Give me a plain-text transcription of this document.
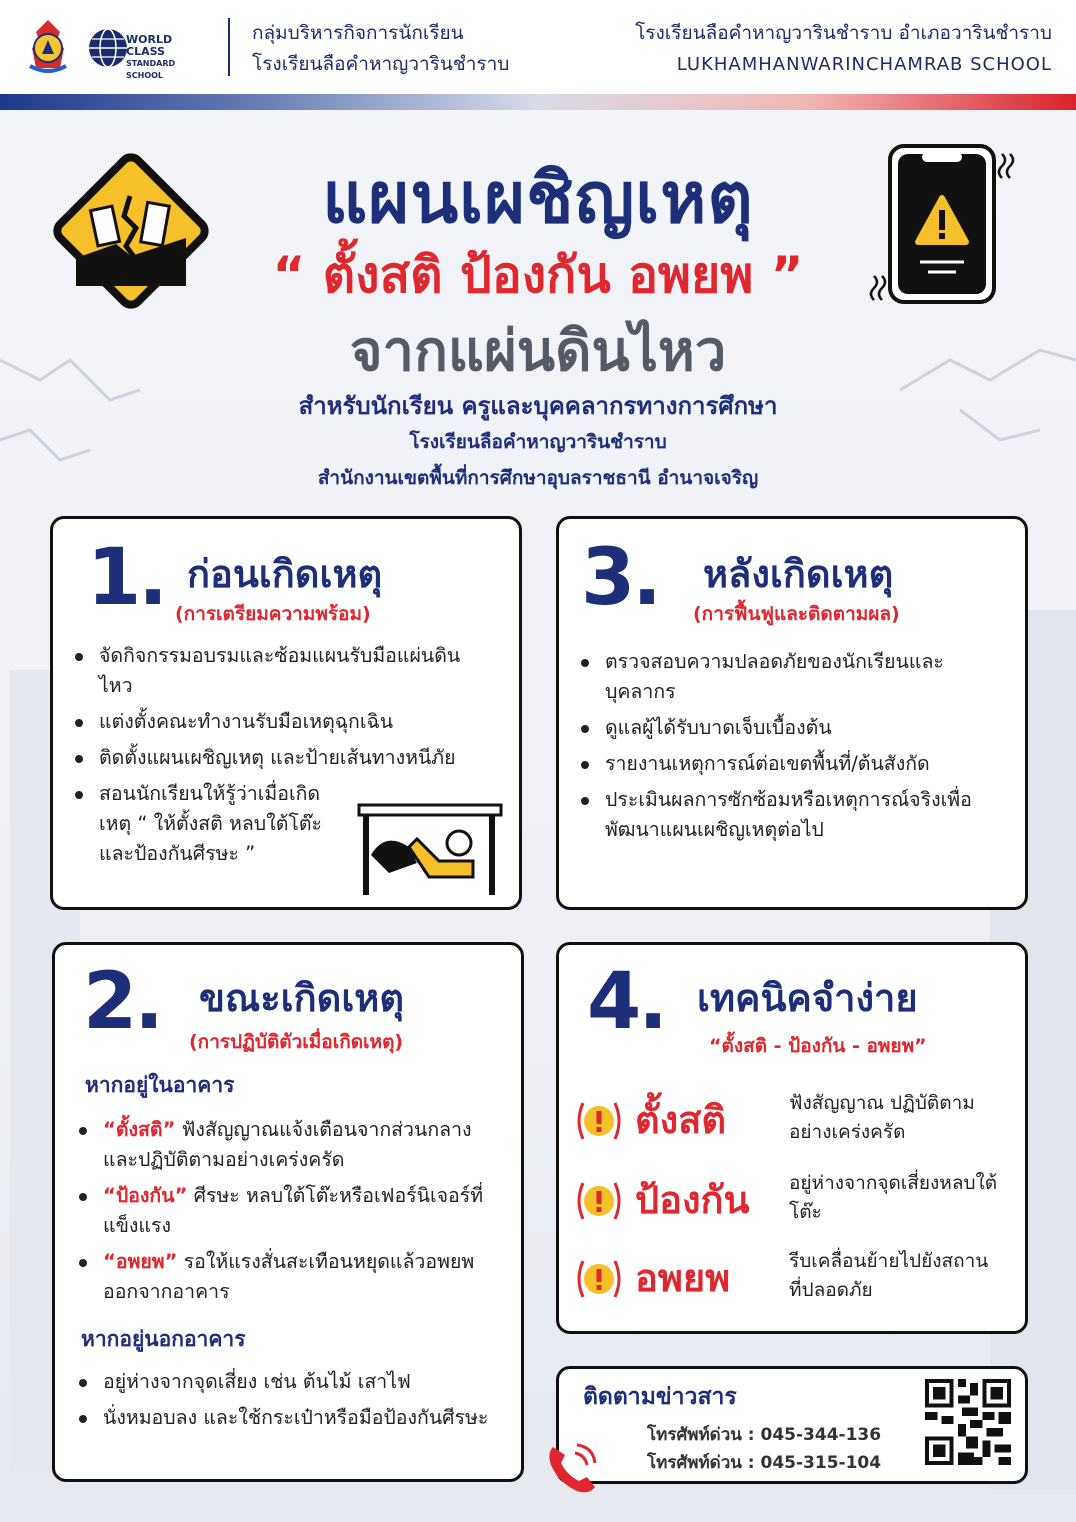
WORLD CLASS
STANDARD SCHOOL
กลุ่มบริหารกิจการนักเรียน
โรงเรียนลือคำหาญวารินชำราบ
โรงเรียนลือคำหาญวารินชำราบ อำเภอวารินชำราบ
LUKHAMHANWARINCHAMRAB SCHOOL
แผนเผชิญเหตุ
“ ตั้งสติ ป้องกัน อพยพ ”
จากแผ่นดินไหว
สำหรับนักเรียน ครูและบุคคลากรทางการศึกษา
โรงเรียนลือคำหาญวารินชำราบ
สำนักงานเขตพื้นที่การศึกษาอุบลราชธานี อำนาจเจริญ
1. ก่อนเกิดเหตุ
(การเตรียมความพร้อม)
จัดกิจกรรมอบรมและซ้อมแผนรับมือแผ่นดินไหว
แต่งตั้งคณะทำงานรับมือเหตุฉุกเฉิน
ติดตั้งแผนเผชิญเหตุ และป้ายเส้นทางหนีภัย
สอนนักเรียนให้รู้ว่าเมื่อเกิดเหตุ “ ให้ตั้งสติ หลบใต้โต๊ะ และป้องกันศีรษะ ”
3. หลังเกิดเหตุ
(การฟื้นฟูและติดตามผล)
ตรวจสอบความปลอดภัยของนักเรียนและบุคลากร
ดูแลผู้ได้รับบาดเจ็บเบื้องต้น
รายงานเหตุการณ์ต่อเขตพื้นที่/ต้นสังกัด
ประเมินผลการซักซ้อมหรือเหตุการณ์จริงเพื่อพัฒนาแผนเผชิญเหตุต่อไป
2. ขณะเกิดเหตุ
(การปฏิบัติตัวเมื่อเกิดเหตุ)
หากอยู่ในอาคาร
“ตั้งสติ” ฟังสัญญาณแจ้งเตือนจากส่วนกลางและปฏิบัติตามอย่างเคร่งครัด
“ป้องกัน” ศีรษะ หลบใต้โต๊ะหรือเฟอร์นิเจอร์ที่แข็งแรง
“อพยพ” รอให้แรงสั่นสะเทือนหยุดแล้วอพยพออกจากอาคาร
หากอยู่นอกอาคาร
อยู่ห่างจากจุดเสี่ยง เช่น ต้นไม้ เสาไฟ
นั่งหมอบลง และใช้กระเป๋าหรือมือป้องกันศีรษะ
4. เทคนิคจำง่าย
“ตั้งสติ - ป้องกัน - อพยพ”
ตั้งสติ	ฟังสัญญาณ ปฏิบัติตามอย่างเคร่งครัด
ป้องกัน อยู่ห่างจากจุดเสี่ยงหลบใต้โต๊ะ
อพยพ	รีบเคลื่อนย้ายไปยังสถานที่ปลอดภัย
ติดตามข่าวสาร
โทรศัพท์ด่วน : 045-344-136
โทรศัพท์ด่วน : 045-315-104
